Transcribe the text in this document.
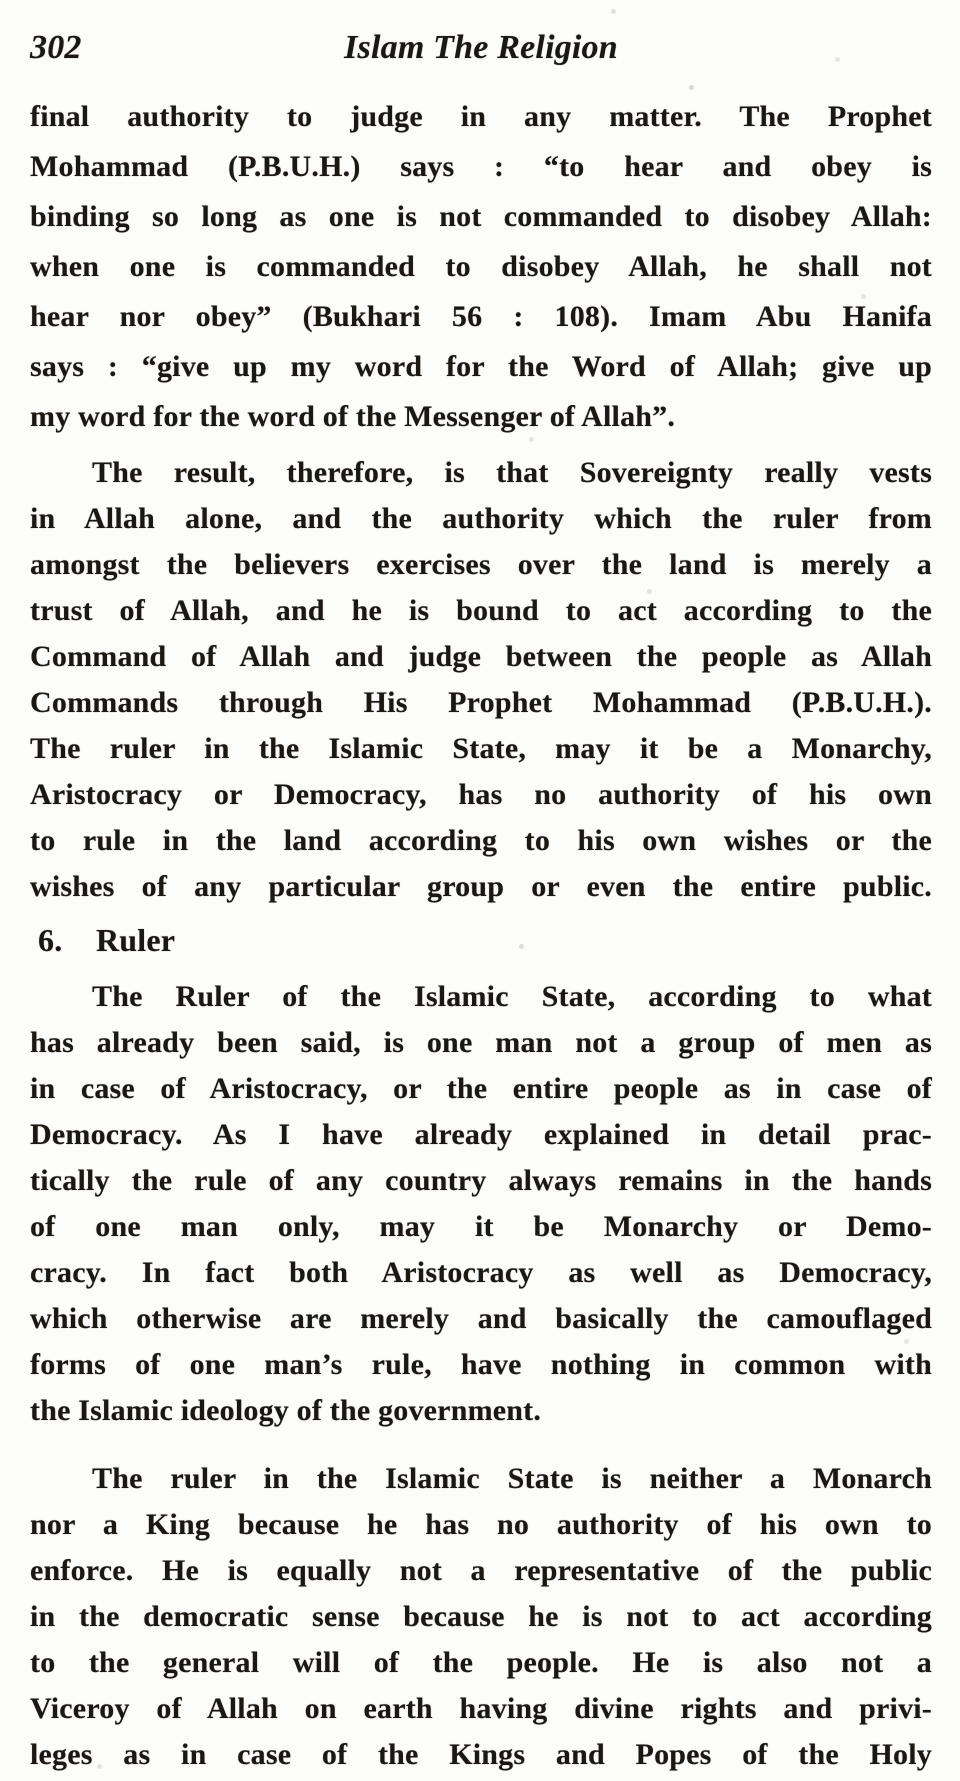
302	Islam The Religion
final authority to judge in any matter. The Prophet
Mohammad (P.B.U.H.) says : “to hear and obey is
binding so long as one is not commanded to disobey Allah:
when one is commanded to disobey Allah, he shall not
hear nor obey” (Bukhari 56 : 108). Imam Abu Hanifa
says : “give up my word for the Word of Allah; give up
my word for the word of the Messenger of Allah”.
The result, therefore, is that Sovereignty really vests
in Allah alone, and the authority which the ruler from
amongst the believers exercises over the land is merely a
trust of Allah, and he is bound to act according to the
Command of Allah and judge between the people as Allah
Commands through His Prophet Mohammad (P.B.U.H.).
The ruler in the Islamic State, may it be a Monarchy,
Aristocracy or Democracy, has no authority of his own
to rule in the land according to his own wishes or the
wishes of any particular group or even the entire public.
6. Ruler
The Ruler of the Islamic State, according to what
has already been said, is one man not a group of men as
in case of Aristocracy, or the entire people as in case of
Democracy. As I have already explained in detail prac-
tically the rule of any country always remains in the hands
of one man only, may it be Monarchy or Demo-
cracy. In fact both Aristocracy as well as Democracy,
which otherwise are merely and basically the camouflaged
forms of one man’s rule, have nothing in common with
the Islamic ideology of the government.
The ruler in the Islamic State is neither a Monarch
nor a King because he has no authority of his own to
enforce. He is equally not a representative of the public
in the democratic sense because he is not to act according
to the general will of the people. He is also not a
Viceroy of Allah on earth having divine rights and privi-
leges as in case of the Kings and Popes of the Holy
